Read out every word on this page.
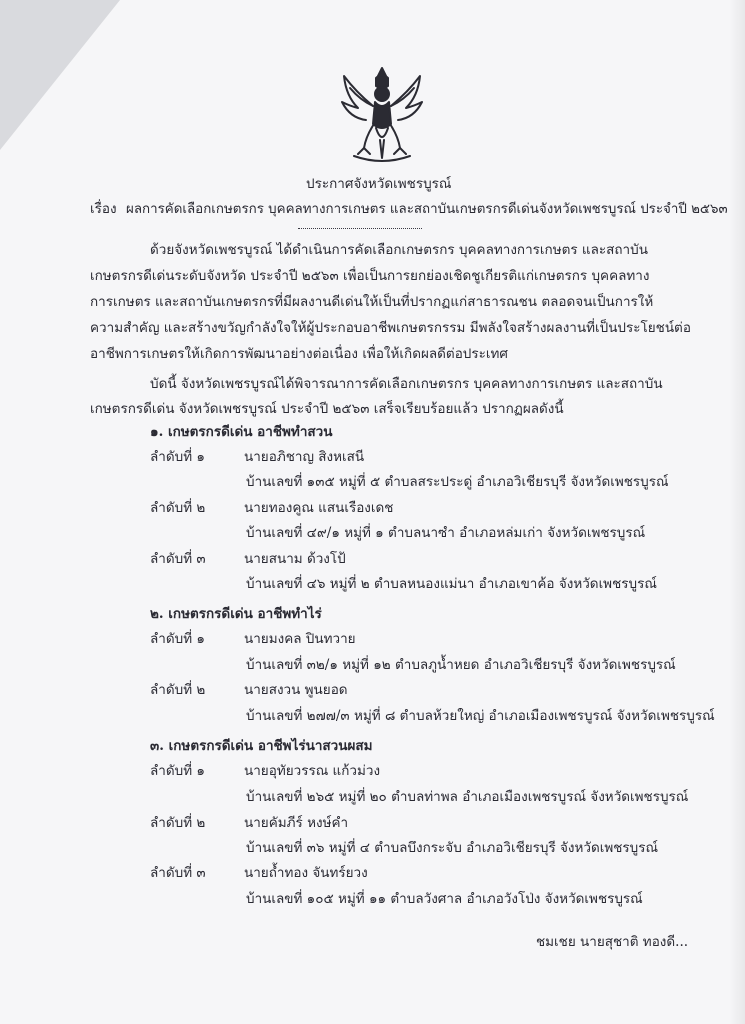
ประกาศจังหวัดเพชรบูรณ์
เรื่อง ผลการคัดเลือกเกษตรกร บุคคลทางการเกษตร และสถาบันเกษตรกรดีเด่นจังหวัดเพชรบูรณ์ ประจำปี ๒๕๖๓
ด้วยจังหวัดเพชรบูรณ์ ได้ดำเนินการคัดเลือกเกษตรกร บุคคลทางการเกษตร และสถาบัน
เกษตรกรดีเด่นระดับจังหวัด ประจำปี ๒๕๖๓ เพื่อเป็นการยกย่องเชิดชูเกียรติแก่เกษตรกร บุคคลทาง
การเกษตร และสถาบันเกษตรกรที่มีผลงานดีเด่นให้เป็นที่ปรากฏแก่สาธารณชน ตลอดจนเป็นการให้
ความสำคัญ และสร้างขวัญกำลังใจให้ผู้ประกอบอาชีพเกษตรกรรม มีพลังใจสร้างผลงานที่เป็นประโยชน์ต่อ
อาชีพการเกษตรให้เกิดการพัฒนาอย่างต่อเนื่อง เพื่อให้เกิดผลดีต่อประเทศ
บัดนี้ จังหวัดเพชรบูรณ์ได้พิจารณาการคัดเลือกเกษตรกร บุคคลทางการเกษตร และสถาบัน
เกษตรกรดีเด่น จังหวัดเพชรบูรณ์ ประจำปี ๒๕๖๓ เสร็จเรียบร้อยแล้ว ปรากฏผลดังนี้
๑. เกษตรกรดีเด่น อาชีพทำสวน
ลำดับที่ ๑	นายอภิชาญ สิงหเสนี
บ้านเลขที่ ๑๓๕ หมู่ที่ ๕ ตำบลสระประดู่ อำเภอวิเชียรบุรี จังหวัดเพชรบูรณ์
ลำดับที่ ๒	นายทองคูณ แสนเรืองเดช
บ้านเลขที่ ๔๙/๑ หมู่ที่ ๑ ตำบลนาซำ อำเภอหล่มเก่า จังหวัดเพชรบูรณ์
ลำดับที่ ๓	นายสนาม ด้วงโป้
บ้านเลขที่ ๔๖ หมู่ที่ ๒ ตำบลหนองแม่นา อำเภอเขาค้อ จังหวัดเพชรบูรณ์
๒. เกษตรกรดีเด่น อาชีพทำไร่
ลำดับที่ ๑	นายมงคล ปินทวาย
บ้านเลขที่ ๓๒/๑ หมู่ที่ ๑๒ ตำบลภูน้ำหยด อำเภอวิเชียรบุรี จังหวัดเพชรบูรณ์
ลำดับที่ ๒	นายสงวน พูนยอด
บ้านเลขที่ ๒๗๗/๓ หมู่ที่ ๘ ตำบลห้วยใหญ่ อำเภอเมืองเพชรบูรณ์ จังหวัดเพชรบูรณ์
๓. เกษตรกรดีเด่น อาชีพไร่นาสวนผสม
ลำดับที่ ๑	นายอุทัยวรรณ แก้วม่วง
บ้านเลขที่ ๒๖๕ หมู่ที่ ๒๐ ตำบลท่าพล อำเภอเมืองเพชรบูรณ์ จังหวัดเพชรบูรณ์
ลำดับที่ ๒	นายคัมภีร์ หงษ์คำ
บ้านเลขที่ ๓๖ หมู่ที่ ๔ ตำบลบึงกระจับ อำเภอวิเชียรบุรี จังหวัดเพชรบูรณ์
ลำดับที่ ๓	นายถ้ำทอง จันทร์ยวง
บ้านเลขที่ ๑๐๕ หมู่ที่ ๑๑ ตำบลวังศาล อำเภอวังโป่ง จังหวัดเพชรบูรณ์
ชมเชย นายสุชาติ ทองดี...
